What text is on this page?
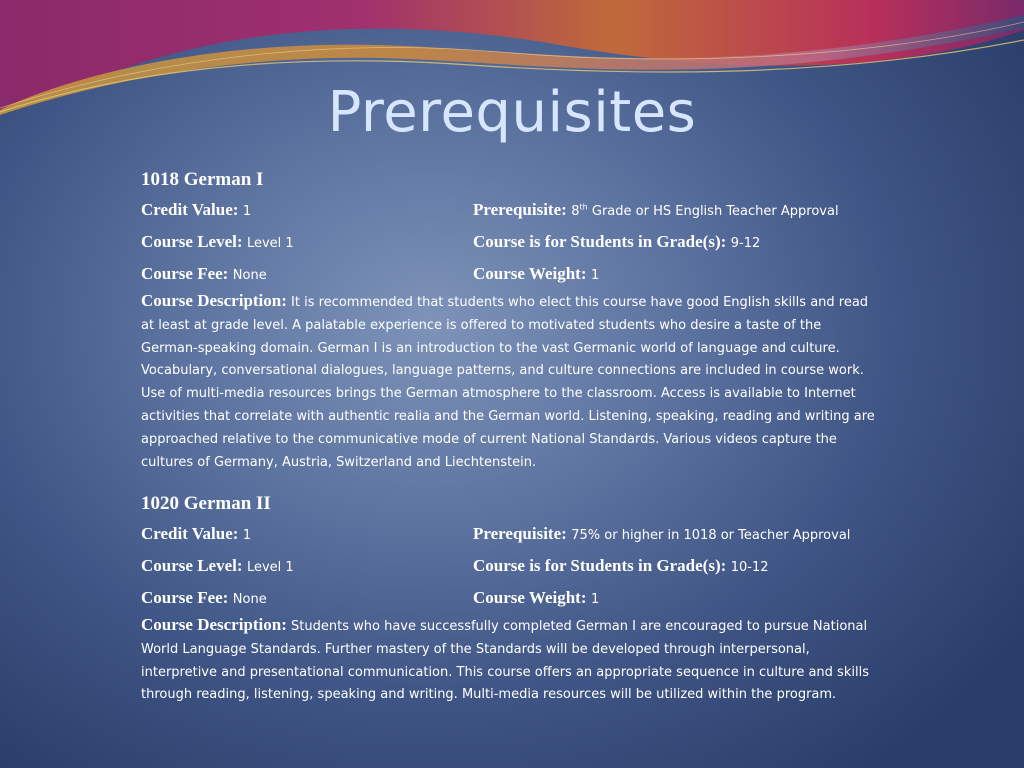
Prerequisites
1018 German I
Credit Value: 1	Prerequisite: 8th Grade or HS English Teacher Approval
Course Level: Level 1	Course is for Students in Grade(s): 9-12
Course Fee: None	Course Weight: 1
Course Description: It is recommended that students who elect this course have good English skills and read at least at grade level. A palatable experience is offered to motivated students who desire a taste of the German-speaking domain. German I is an introduction to the vast Germanic world of language and culture. Vocabulary, conversational dialogues, language patterns, and culture connections are included in course work. Use of multi-media resources brings the German atmosphere to the classroom. Access is available to Internet activities that correlate with authentic realia and the German world. Listening, speaking, reading and writing are approached relative to the communicative mode of current National Standards. Various videos capture the cultures of Germany, Austria, Switzerland and Liechtenstein.
1020 German II
Credit Value: 1	Prerequisite: 75% or higher in 1018 or Teacher Approval
Course Level: Level 1	Course is for Students in Grade(s): 10-12
Course Fee: None	Course Weight: 1
Course Description: Students who have successfully completed German I are encouraged to pursue National World Language Standards. Further mastery of the Standards will be developed through interpersonal, interpretive and presentational communication. This course offers an appropriate sequence in culture and skills through reading, listening, speaking and writing. Multi-media resources will be utilized within the program.
